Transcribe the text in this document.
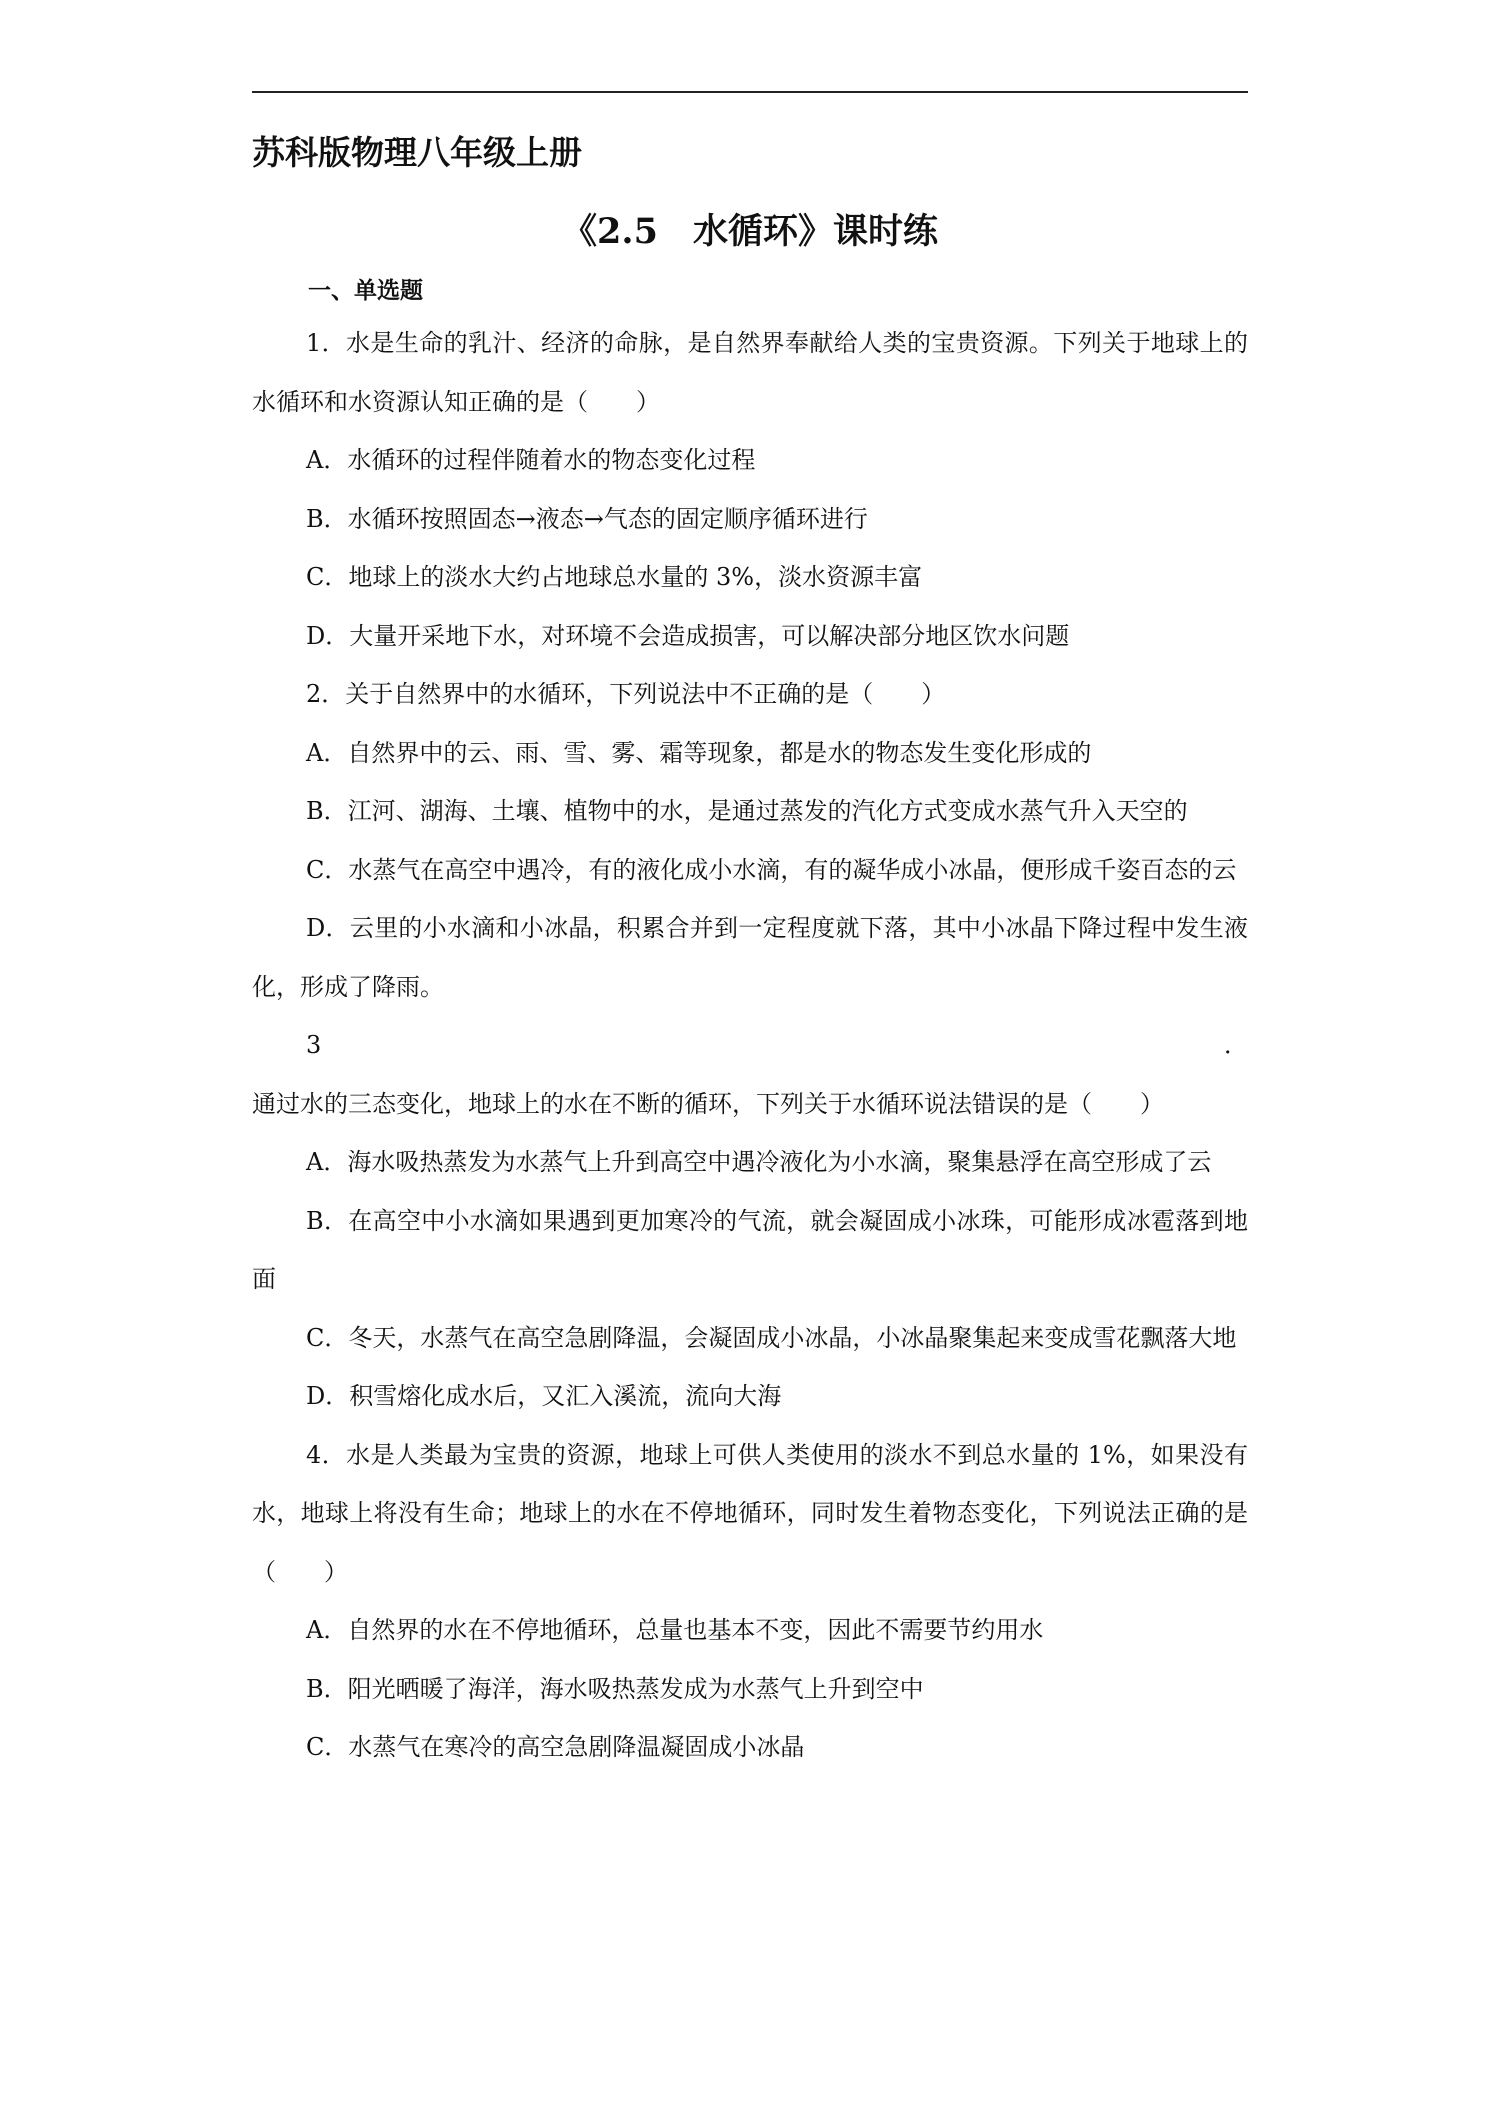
苏科版物理八年级上册
《2.5　水循环》课时练
一、单选题
1．水是生命的乳汁、经济的命脉，是自然界奉献给人类的宝贵资源。下列关于地球上的水循环和水资源认知正确的是（　　）
A．水循环的过程伴随着水的物态变化过程
B．水循环按照固态→液态→气态的固定顺序循环进行
C．地球上的淡水大约占地球总水量的 3%，淡水资源丰富
D．大量开采地下水，对环境不会造成损害，可以解决部分地区饮水问题
2．关于自然界中的水循环，下列说法中不正确的是（　　）
A．自然界中的云、雨、雪、雾、霜等现象，都是水的物态发生变化形成的
B．江河、湖海、土壤、植物中的水，是通过蒸发的汽化方式变成水蒸气升入天空的
C．水蒸气在高空中遇冷，有的液化成小水滴，有的凝华成小冰晶，便形成千姿百态的云
D．云里的小水滴和小冰晶，积累合并到一定程度就下落，其中小冰晶下降过程中发生液化，形成了降雨。
3．通过水的三态变化，地球上的水在不断的循环，下列关于水循环说法错误的是（　　）
A．海水吸热蒸发为水蒸气上升到高空中遇冷液化为小水滴，聚集悬浮在高空形成了云
B．在高空中小水滴如果遇到更加寒冷的气流，就会凝固成小冰珠，可能形成冰雹落到地面
C．冬天，水蒸气在高空急剧降温，会凝固成小冰晶，小冰晶聚集起来变成雪花飘落大地
D．积雪熔化成水后，又汇入溪流，流向大海
4．水是人类最为宝贵的资源，地球上可供人类使用的淡水不到总水量的 1%，如果没有水，地球上将没有生命；地球上的水在不停地循环，同时发生着物态变化，下列说法正确的是（　　）
A．自然界的水在不停地循环，总量也基本不变，因此不需要节约用水
B．阳光晒暖了海洋，海水吸热蒸发成为水蒸气上升到空中
C．水蒸气在寒冷的高空急剧降温凝固成小冰晶
